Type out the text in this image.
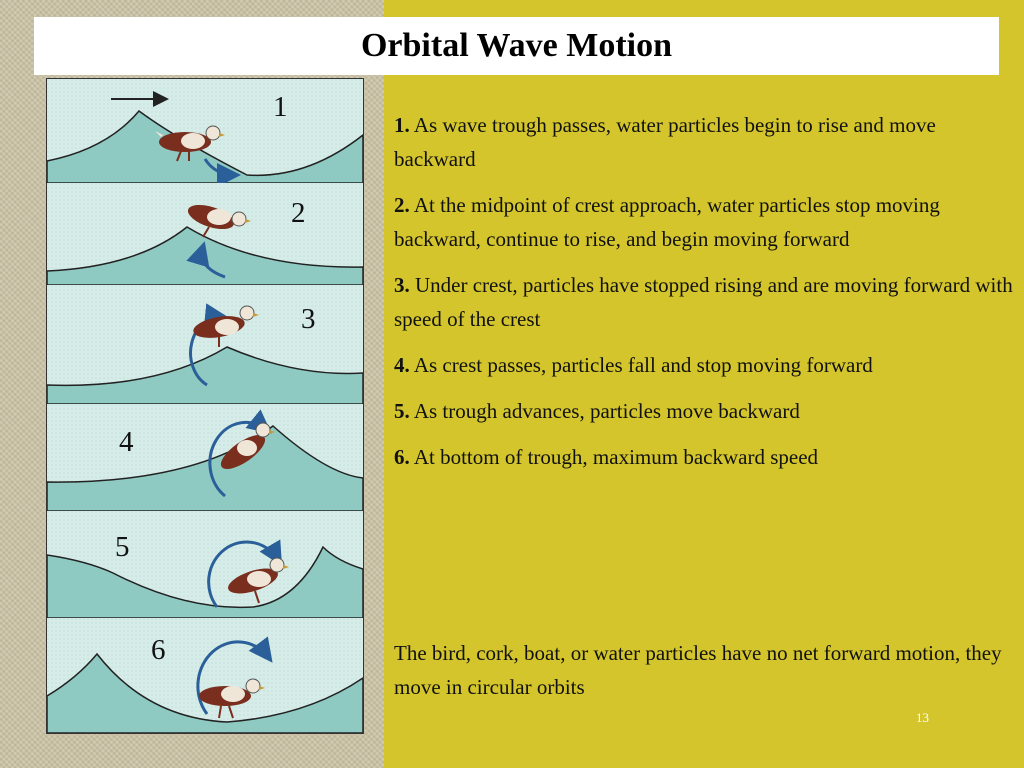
Orbital Wave Motion
1
2
3
4
5
6

1. As wave trough passes, water particles begin to rise and move backward

2. At the midpoint of crest approach, water particles stop moving backward, continue to rise, and begin moving forward

3. Under crest, particles have stopped rising and are moving forward with speed of the crest

4. As crest passes, particles fall and stop moving forward

5. As trough advances, particles move backward

6. At bottom of trough, maximum backward speed

The bird, cork, boat, or water particles have no net forward motion, they move in circular orbits

13
